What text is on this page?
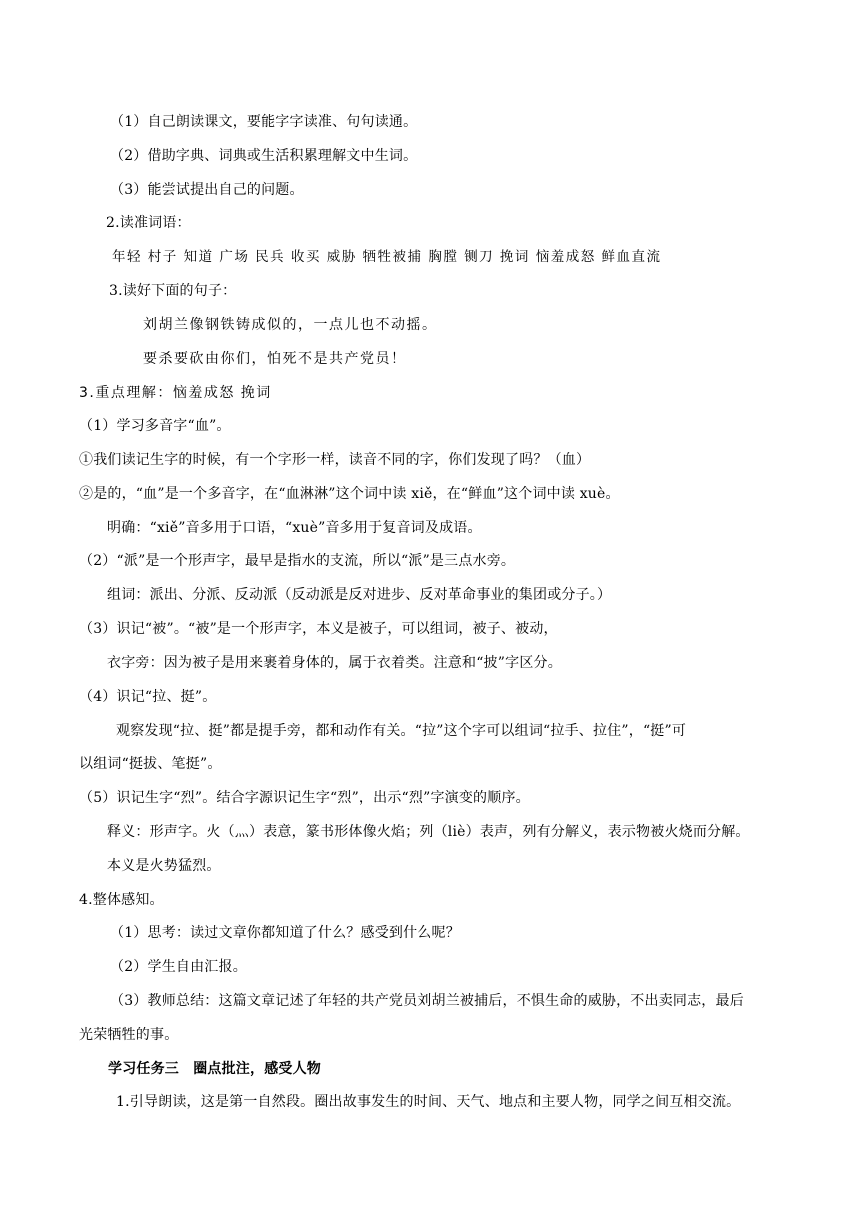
（1）自己朗读课文，要能字字读准、句句读通。
（2）借助字典、词典或生活积累理解文中生词。
（3）能尝试提出自己的问题。
2.读准词语：
年轻 村子 知道 广场 民兵 收买 威胁 牺牲被捕 胸膛 铡刀 挽词 恼羞成怒 鲜血直流
3.读好下面的句子：
刘胡兰像钢铁铸成似的，一点儿也不动摇。
要杀要砍由你们，怕死不是共产党员！
3.重点理解：恼羞成怒 挽词
（1）学习多音字“血”。
①我们读记生字的时候，有一个字形一样，读音不同的字，你们发现了吗？（血）
②是的，“血”是一个多音字，在“血淋淋”这个词中读 xiě，在“鲜血”这个词中读 xuè。
明确：“xiě”音多用于口语，“xuè”音多用于复音词及成语。
（2）“派”是一个形声字，最早是指水的支流，所以“派”是三点水旁。
组词：派出、分派、反动派（反动派是反对进步、反对革命事业的集团或分子。）
（3）识记“被”。“被”是一个形声字，本义是被子，可以组词，被子、被动，
衣字旁：因为被子是用来裹着身体的，属于衣着类。注意和“披”字区分。
（4）识记“拉、挺”。
观察发现“拉、挺”都是提手旁，都和动作有关。“拉”这个字可以组词“拉手、拉住”，“挺”可
以组词“挺拔、笔挺”。
（5）识记生字“烈”。结合字源识记生字“烈”，出示“烈”字演变的顺序。
释义：形声字。火（灬）表意，篆书形体像火焰；列（liè）表声，列有分解义，表示物被火烧而分解。
本义是火势猛烈。
4.整体感知。
（1）思考：读过文章你都知道了什么？感受到什么呢？
（2）学生自由汇报。
（3）教师总结：这篇文章记述了年轻的共产党员刘胡兰被捕后，不惧生命的威胁，不出卖同志，最后
光荣牺牲的事。
学习任务三　圈点批注，感受人物
1.引导朗读，这是第一自然段。圈出故事发生的时间、天气、地点和主要人物，同学之间互相交流。
